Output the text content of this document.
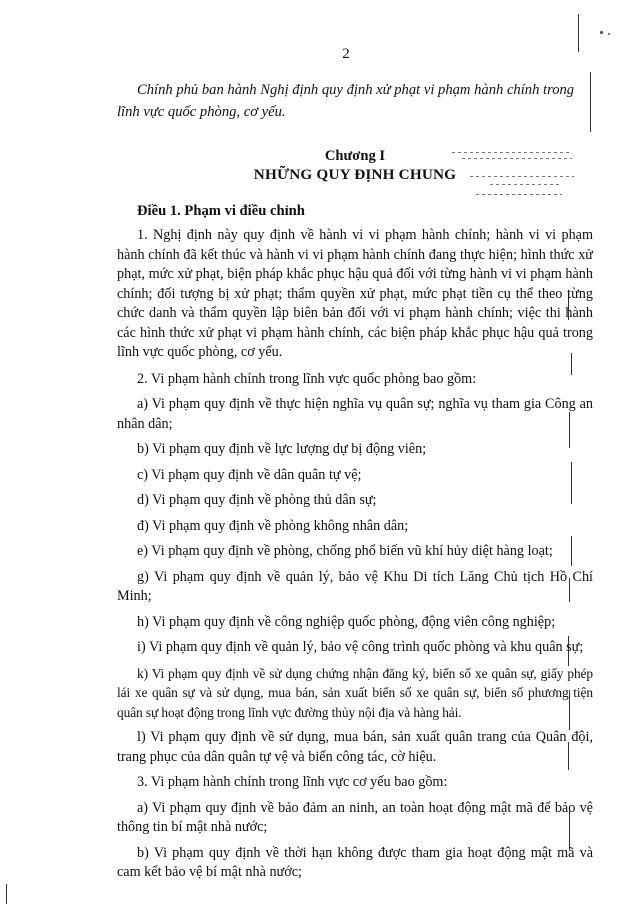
2

Chính phủ ban hành Nghị định quy định xử phạt vi phạm hành chính trong lĩnh vực quốc phòng, cơ yếu.

Chương I
NHỮNG QUY ĐỊNH CHUNG
Điều 1. Phạm vi điều chỉnh

1. Nghị định này quy định về hành vi vi phạm hành chính; hành vi vi phạm hành chính đã kết thúc và hành vi vi phạm hành chính đang thực hiện; hình thức xử phạt, mức xử phạt, biện pháp khắc phục hậu quả đối với từng hành vi vi phạm hành chính; đối tượng bị xử phạt; thẩm quyền xử phạt, mức phạt tiền cụ thể theo từng chức danh và thẩm quyền lập biên bản đối với vi phạm hành chính; việc thi hành các hình thức xử phạt vi phạm hành chính, các biện pháp khắc phục hậu quả trong lĩnh vực quốc phòng, cơ yếu.

2. Vi phạm hành chính trong lĩnh vực quốc phòng bao gồm:

a) Vi phạm quy định về thực hiện nghĩa vụ quân sự; nghĩa vụ tham gia Công an nhân dân;

b) Vi phạm quy định về lực lượng dự bị động viên;

c) Vi phạm quy định về dân quân tự vệ;

d) Vi phạm quy định về phòng thủ dân sự;

đ) Vi phạm quy định về phòng không nhân dân;

e) Vi phạm quy định về phòng, chống phổ biến vũ khí hủy diệt hàng loạt;

g) Vi phạm quy định về quản lý, bảo vệ Khu Di tích Lăng Chủ tịch Hồ Chí Minh;

h) Vi phạm quy định về công nghiệp quốc phòng, động viên công nghiệp;

i) Vi phạm quy định về quản lý, bảo vệ công trình quốc phòng và khu quân sự;

k) Vi phạm quy định về sử dụng chứng nhận đăng ký, biển số xe quân sự, giấy phép lái xe quân sự và sử dụng, mua bán, sản xuất biển số xe quân sự, biển số phương tiện quân sự hoạt động trong lĩnh vực đường thủy nội địa và hàng hải.

l) Vi phạm quy định về sử dụng, mua bán, sản xuất quân trang của Quân đội, trang phục của dân quân tự vệ và biển công tác, cờ hiệu.

3. Vi phạm hành chính trong lĩnh vực cơ yếu bao gồm:

a) Vi phạm quy định về bảo đảm an ninh, an toàn hoạt động mật mã để bảo vệ thông tin bí mật nhà nước;

b) Vi phạm quy định về thời hạn không được tham gia hoạt động mật mã và cam kết bảo vệ bí mật nhà nước;
